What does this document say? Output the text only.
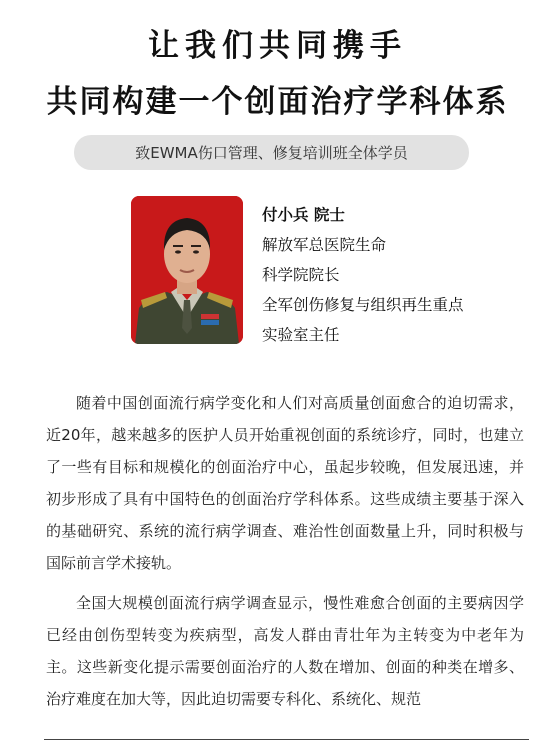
让我们共同携手
共同构建一个创面治疗学科体系
致EWMA伤口管理、修复培训班全体学员
付小兵 院士
解放军总医院生命
科学院院长
全军创伤修复与组织再生重点
实验室主任

随着中国创面流行病学变化和人们对高质量创面愈合的迫切需求，近20年，越来越多的医护人员开始重视创面的系统诊疗，同时，也建立了一些有目标和规模化的创面治疗中心，虽起步较晚，但发展迅速，并初步形成了具有中国特色的创面治疗学科体系。这些成绩主要基于深入的基础研究、系统的流行病学调查、难治性创面数量上升，同时积极与国际前言学术接轨。

全国大规模创面流行病学调查显示，慢性难愈合创面的主要病因学已经由创伤型转变为疾病型，高发人群由青壮年为主转变为中老年为主。这些新变化提示需要创面治疗的人数在增加、创面的种类在增多、治疗难度在加大等，因此迫切需要专科化、系统化、规范
